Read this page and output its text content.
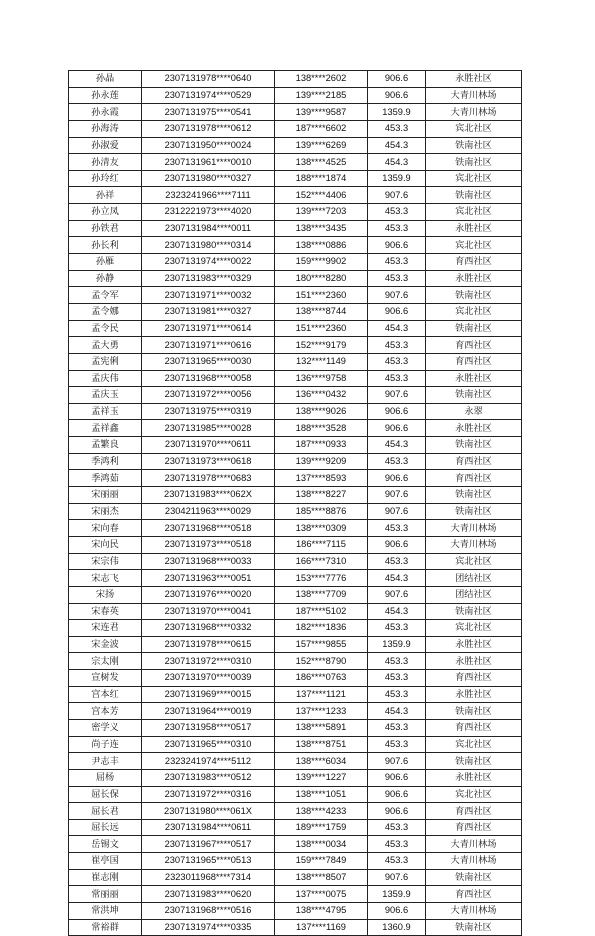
孙晶	2307131978****0640	138****2602	906.6	永胜社区
孙永莲	2307131974****0529	139****2185	906.6	大青川林场
孙永霞	2307131975****0541	139****9587	1359.9	大青川林场
孙海涛	2307131978****0612	187****6602	453.3	宾北社区
孙淑爱	2307131950****0024	139****6269	454.3	铁南社区
孙清友	2307131961****0010	138****4525	454.3	铁南社区
孙玲红	2307131980****0327	188****1874	1359.9	宾北社区
孙祥	2323241966****7111	152****4406	907.6	铁南社区
孙立凤	2312221973****4020	139****7203	453.3	宾北社区
孙铁君	2307131984****0011	138****3435	453.3	永胜社区
孙长利	2307131980****0314	138****0886	906.6	宾北社区
孙雁	2307131974****0022	159****9902	453.3	育西社区
孙静	2307131983****0329	180****8280	453.3	永胜社区
孟令军	2307131971****0032	151****2360	907.6	铁南社区
孟令娜	2307131981****0327	138****8744	906.6	宾北社区
孟令民	2307131971****0614	151****2360	454.3	铁南社区
孟大勇	2307131971****0616	152****9179	453.3	育西社区
孟宪俐	2307131965****0030	132****1149	453.3	育西社区
孟庆伟	2307131968****0058	136****9758	453.3	永胜社区
孟庆玉	2307131972****0056	136****0432	907.6	铁南社区
孟祥玉	2307131975****0319	138****9026	906.6	永翠
孟祥鑫	2307131985****0028	188****3528	906.6	永胜社区
孟繁良	2307131970****0611	187****0933	454.3	铁南社区
季鸿利	2307131973****0618	139****9209	453.3	育西社区
季鸿茹	2307131978****0683	137****8593	906.6	育西社区
宋丽丽	2307131983****062X	138****8227	907.6	铁南社区
宋丽杰	2304211963****0029	185****8876	907.6	铁南社区
宋向春	2307131968****0518	138****0309	453.3	大青川林场
宋向民	2307131973****0518	186****7115	906.6	大青川林场
宋宗伟	2307131968****0033	166****7310	453.3	宾北社区
宋志飞	2307131963****0051	153****7776	454.3	团结社区
宋扬	2307131976****0020	138****7709	907.6	团结社区
宋春英	2307131970****0041	187****5102	454.3	铁南社区
宋连君	2307131968****0332	182****1836	453.3	宾北社区
宋金波	2307131978****0615	157****9855	1359.9	永胜社区
宗太刚	2307131972****0310	152****8790	453.3	永胜社区
宣树发	2307131970****0039	186****0763	453.3	育西社区
宫本红	2307131969****0015	137****1121	453.3	永胜社区
宫本芳	2307131964****0019	137****1233	454.3	铁南社区
密学义	2307131958****0517	138****5891	453.3	育西社区
尚子连	2307131965****0310	138****8751	453.3	宾北社区
尹志丰	2323241974****5112	138****6034	907.6	铁南社区
屈杨	2307131983****0512	139****1227	906.6	永胜社区
屈长保	2307131972****0316	138****1051	906.6	宾北社区
屈长君	2307131980****061X	138****4233	906.6	育西社区
屈长远	2307131984****0611	189****1759	453.3	育西社区
岳锡文	2307131967****0517	138****0034	453.3	大青川林场
崔亭国	2307131965****0513	159****7849	453.3	大青川林场
崔志刚	2323011968****7314	138****8507	907.6	铁南社区
常丽丽	2307131983****0620	137****0075	1359.9	育西社区
常洪坤	2307131968****0516	138****4795	906.6	大青川林场
常裕群	2307131974****0335	137****1169	1360.9	铁南社区
